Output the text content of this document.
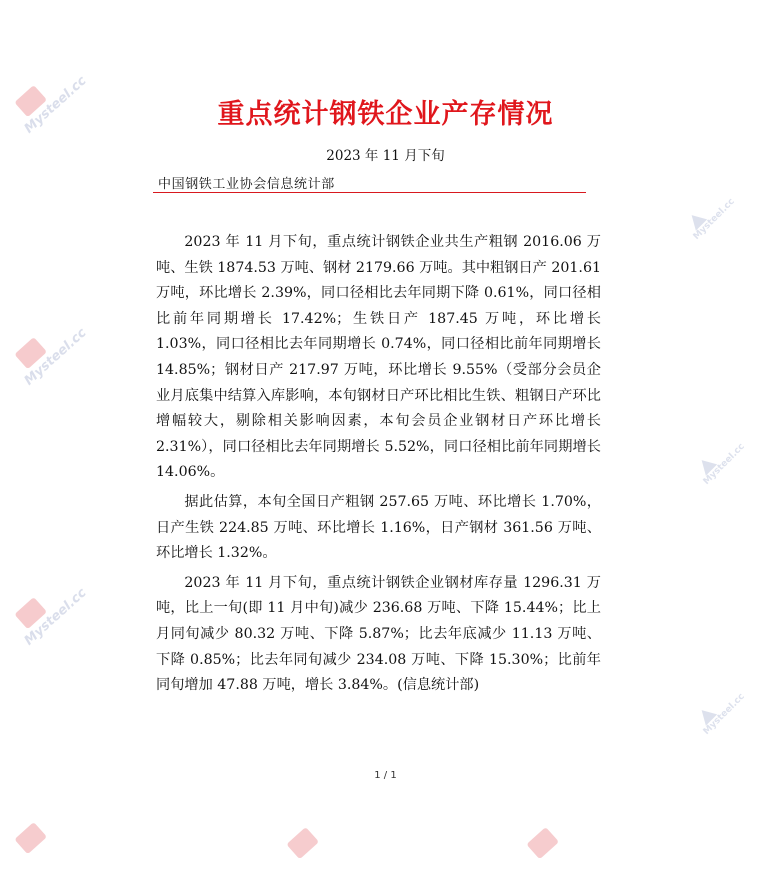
Mysteel.cc
Mysteel.cc
Mysteel.cc
Mysteel.cc
Mysteel.cc
Mysteel.cc
重点统计钢铁企业产存情况
2023 年 11 月下旬
中国钢铁工业协会信息统计部

2023 年 11 月下旬，重点统计钢铁企业共生产粗钢 2016.06 万吨、生铁 1874.53 万吨、钢材 2179.66 万吨。其中粗钢日产 201.61 万吨，环比增长 2.39%，同口径相比去年同期下降 0.61%，同口径相比前年同期增长 17.42%；生铁日产 187.45 万吨，环比增长 1.03%，同口径相比去年同期增长 0.74%，同口径相比前年同期增长 14.85%；钢材日产 217.97 万吨，环比增长 9.55%（受部分会员企业月底集中结算入库影响，本旬钢材日产环比相比生铁、粗钢日产环比增幅较大，剔除相关影响因素，本旬会员企业钢材日产环比增长 2.31%），同口径相比去年同期增长 5.52%，同口径相比前年同期增长 14.06%。

据此估算，本旬全国日产粗钢 257.65 万吨、环比增长 1.70%，日产生铁 224.85 万吨、环比增长 1.16%，日产钢材 361.56 万吨、环比增长 1.32%。

2023 年 11 月下旬，重点统计钢铁企业钢材库存量 1296.31 万吨，比上一旬(即 11 月中旬)减少 236.68 万吨、下降 15.44%；比上月同旬减少 80.32 万吨、下降 5.87%；比去年底减少 11.13 万吨、下降 0.85%；比去年同旬减少 234.08 万吨、下降 15.30%；比前年同旬增加 47.88 万吨，增长 3.84%。(信息统计部)

1 / 1
